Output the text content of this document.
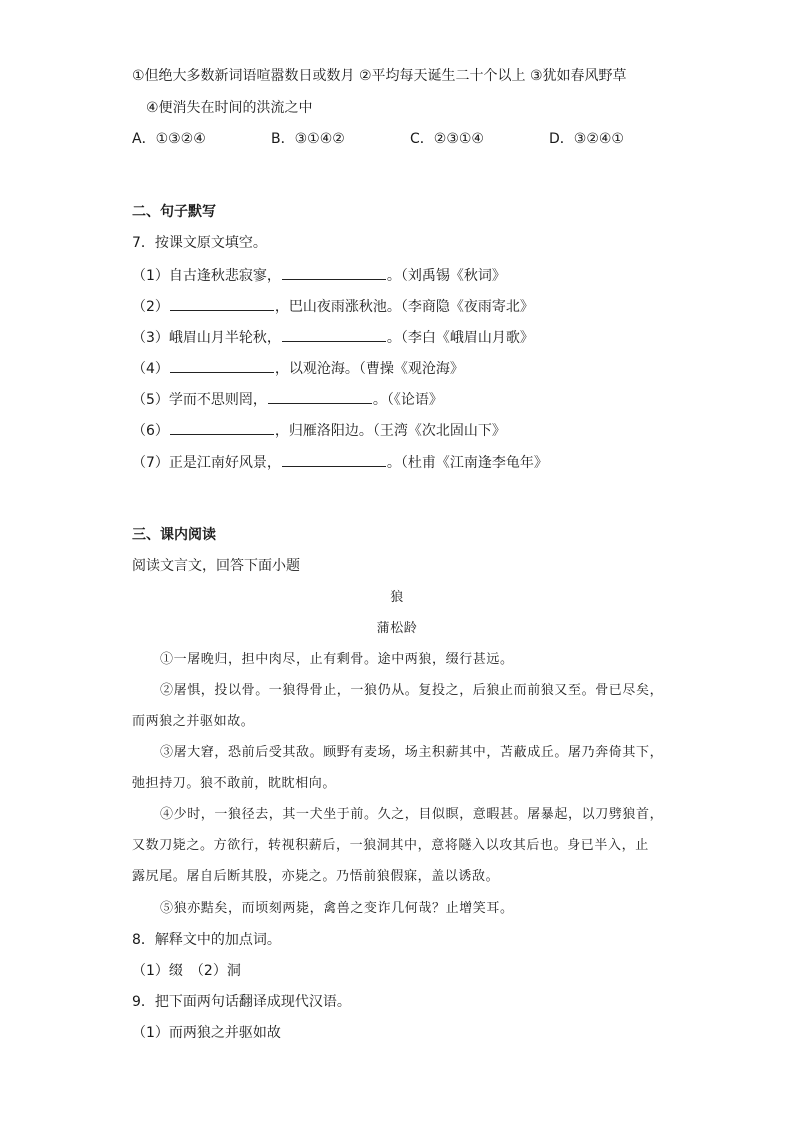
①但绝大多数新词语喧嚣数日或数月 ②平均每天诞生二十个以上 ③犹如春风野草
④便消失在时间的洪流之中
A．①③②④	B．③①④②	C．②③①④	D．③②④①
二、句子默写
7．按课文原文填空。
（1）自古逢秋悲寂寥，	。（刘禹锡《秋词》
（2）	，巴山夜雨涨秋池。（李商隐《夜雨寄北》
（3）峨眉山月半轮秋，	。（李白《峨眉山月歌》
（4）	，以观沧海。（曹操《观沧海》
（5）学而不思则罔，	。（《论语》
（6）	，归雁洛阳边。（王湾《次北固山下》
（7）正是江南好风景，	。（杜甫《江南逢李龟年》
三、课内阅读
阅读文言文，回答下面小题
狼
蒲松龄
①一屠晚归，担中肉尽，止有剩骨。途中两狼，缀行甚远。
②屠惧，投以骨。一狼得骨止，一狼仍从。复投之，后狼止而前狼又至。骨已尽矣，
而两狼之并驱如故。
③屠大窘，恐前后受其敌。顾野有麦场，场主积薪其中，苫蔽成丘。屠乃奔倚其下，
弛担持刀。狼不敢前，眈眈相向。
④少时，一狼径去，其一犬坐于前。久之，目似瞑，意暇甚。屠暴起，以刀劈狼首，
又数刀毙之。方欲行，转视积薪后，一狼洞其中，意将隧入以攻其后也。身已半入，止
露尻尾。屠自后断其股，亦毙之。乃悟前狼假寐，盖以诱敌。
⑤狼亦黠矣，而顷刻两毙，禽兽之变诈几何哉？止增笑耳。
8．解释文中的加点词。
（1）缀　（2）洞
9．把下面两句话翻译成现代汉语。
（1）而两狼之并驱如故
